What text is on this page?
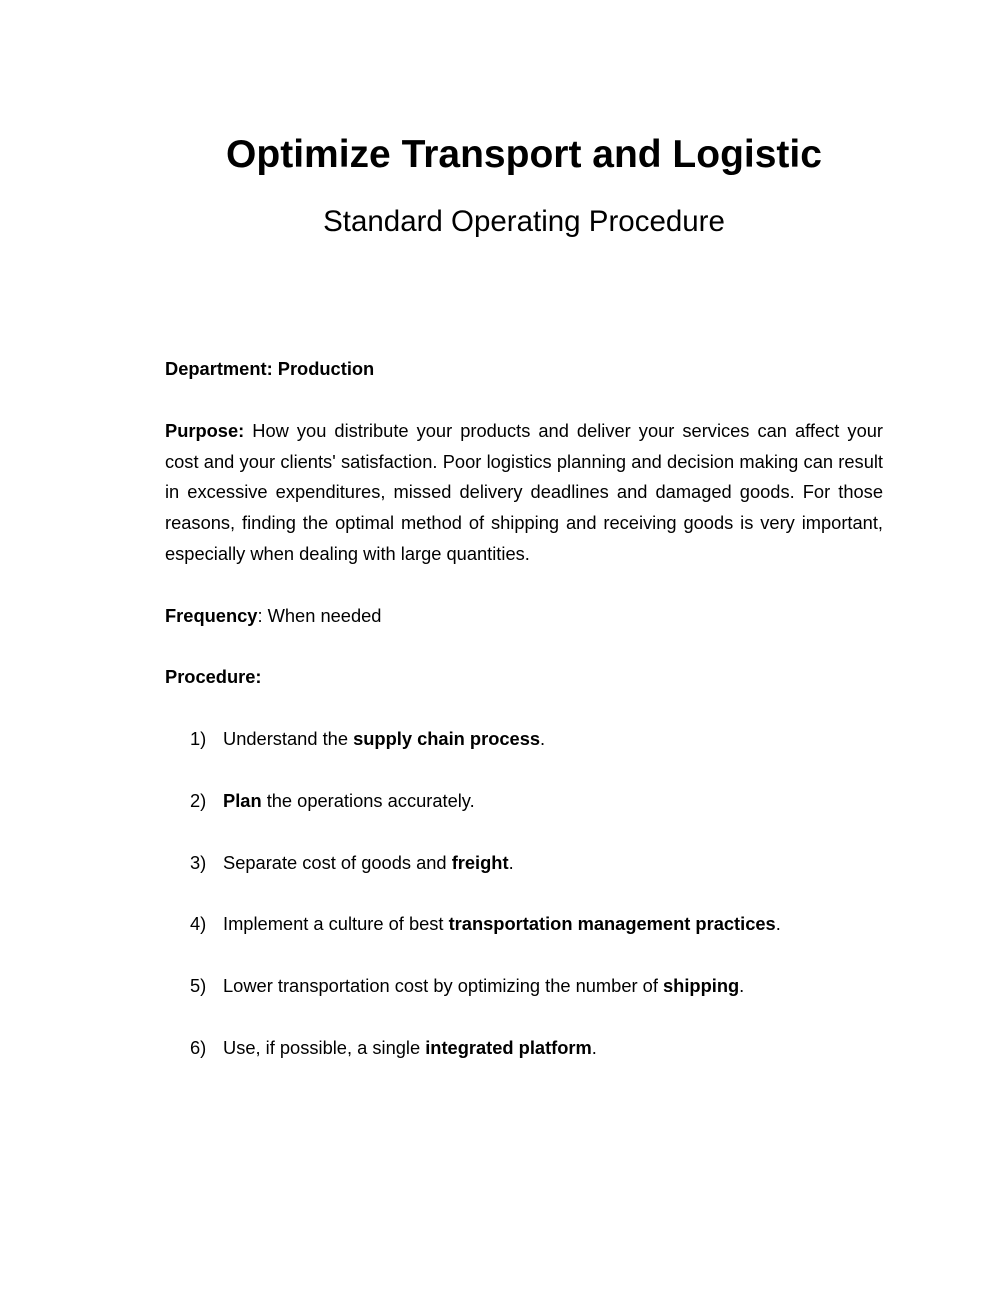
Optimize Transport and Logistic
Standard Operating Procedure

Department: Production

Purpose: How you distribute your products and deliver your services can affect your cost and your clients' satisfaction. Poor logistics planning and decision making can result in excessive expenditures, missed delivery deadlines and damaged goods. For those reasons, finding the optimal method of shipping and receiving goods is very important, especially when dealing with large quantities.

Frequency: When needed

Procedure:

1) Understand the supply chain process.
2) Plan the operations accurately.
3) Separate cost of goods and freight.
4) Implement a culture of best transportation management practices.
5) Lower transportation cost by optimizing the number of shipping.
6) Use, if possible, a single integrated platform.
